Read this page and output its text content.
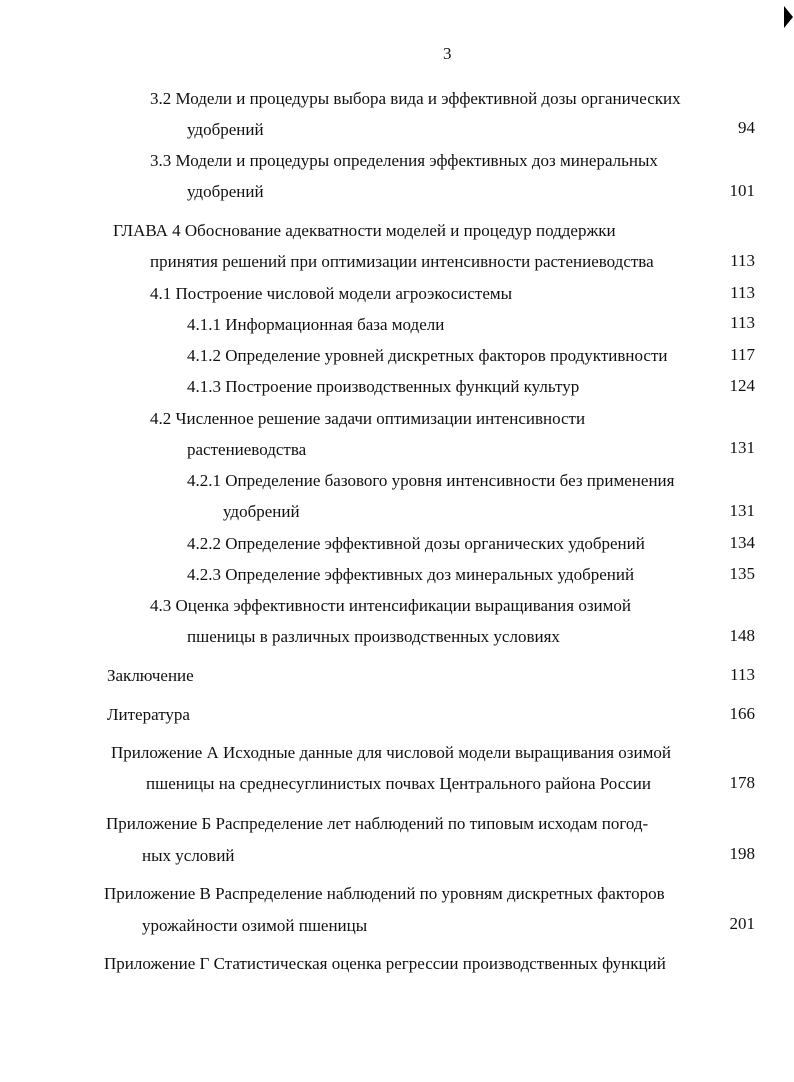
3
3.2 Модели и процедуры выбора вида и эффективной дозы органических
удобрений	94
3.3 Модели и процедуры определения эффективных доз минеральных
удобрений	101
ГЛАВА 4 Обоснование адекватности моделей и процедур поддержки
принятия решений при оптимизации интенсивности растениеводства	113
4.1 Построение числовой модели агроэкосистемы	113
4.1.1 Информационная база модели	113
4.1.2 Определение уровней дискретных факторов продуктивности	117
4.1.3 Построение производственных функций культур	124
4.2 Численное решение задачи оптимизации интенсивности
растениеводства	131
4.2.1 Определение базового уровня интенсивности без применения
удобрений	131
4.2.2 Определение эффективной дозы органических удобрений	134
4.2.3 Определение эффективных доз минеральных удобрений	135
4.3 Оценка эффективности интенсификации выращивания озимой
пшеницы в различных производственных условиях	148
Заключение	113
Литература	166
Приложение А Исходные данные для числовой модели выращивания озимой
пшеницы на среднесуглинистых почвах Центрального района России	178
Приложение Б Распределение лет наблюдений по типовым исходам погод-
ных условий	198
Приложение В Распределение наблюдений по уровням дискретных факторов
урожайности озимой пшеницы	201
Приложение Г Статистическая оценка регрессии производственных функций
